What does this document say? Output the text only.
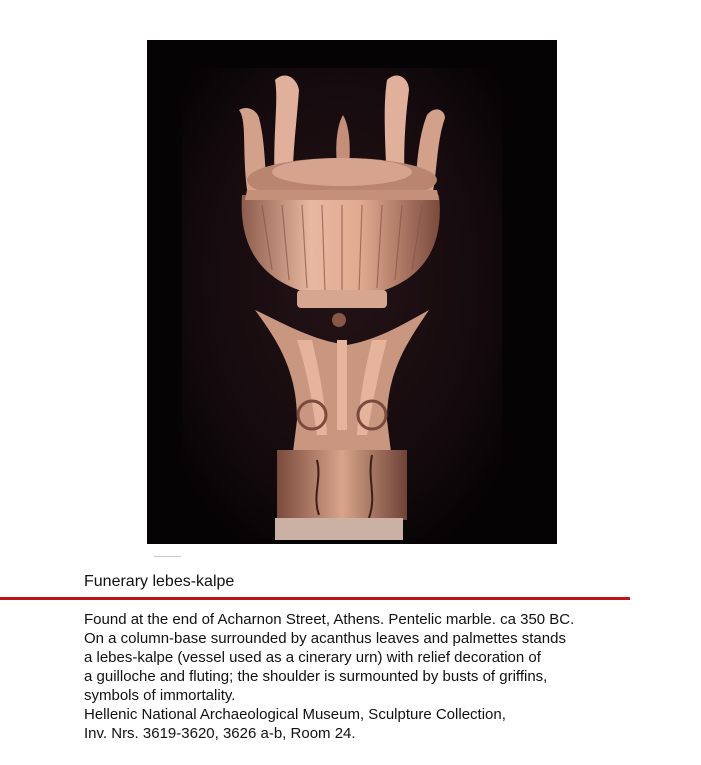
Funerary lebes-kalpe
Found at the end of Acharnon Street, Athens. Pentelic marble. ca 350 BC.
On a column-base surrounded by acanthus leaves and palmettes stands
a lebes-kalpe (vessel used as a cinerary urn) with relief decoration of
a guilloche and fluting; the shoulder is surmounted by busts of griffins,
symbols of immortality.
Hellenic National Archaeological Museum, Sculpture Collection,
Inv. Nrs. 3619-3620, 3626 a-b, Room 24.
